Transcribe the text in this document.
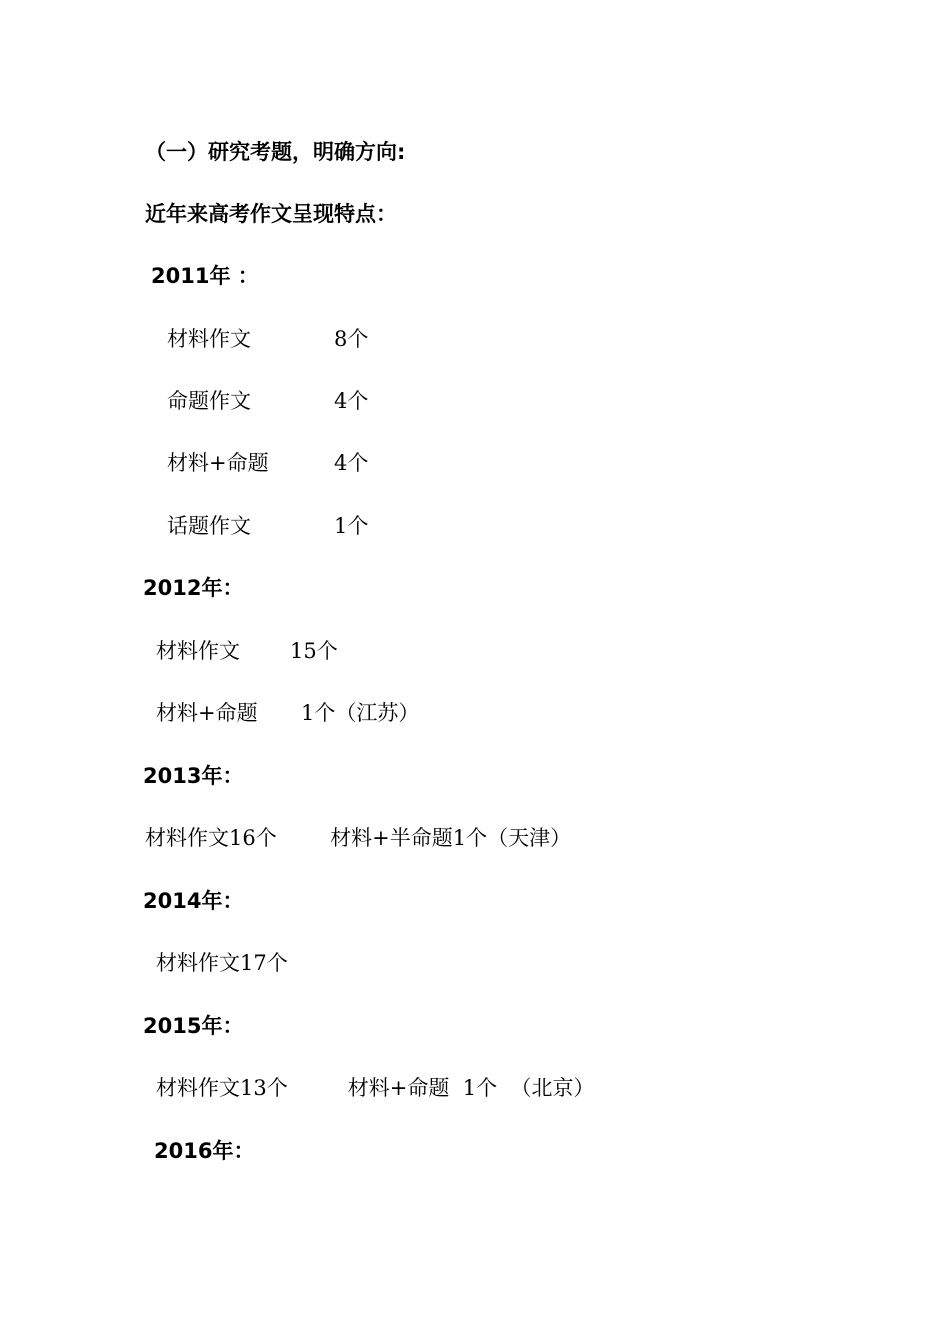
（一）研究考题，明确方向:
近年来高考作文呈现特点：
2011年 ：
材料作文	8个
命题作文	4个
材料+命题	4个
话题作文	1个
2012年：
材料作文 15个
材料+命题 1个（江苏）
2013年：
材料作文16个        材料+半命题1个（天津）
2014年：
材料作文17个
2015年：
材料作文13个         材料+命题  1个  （北京）
2016年：
